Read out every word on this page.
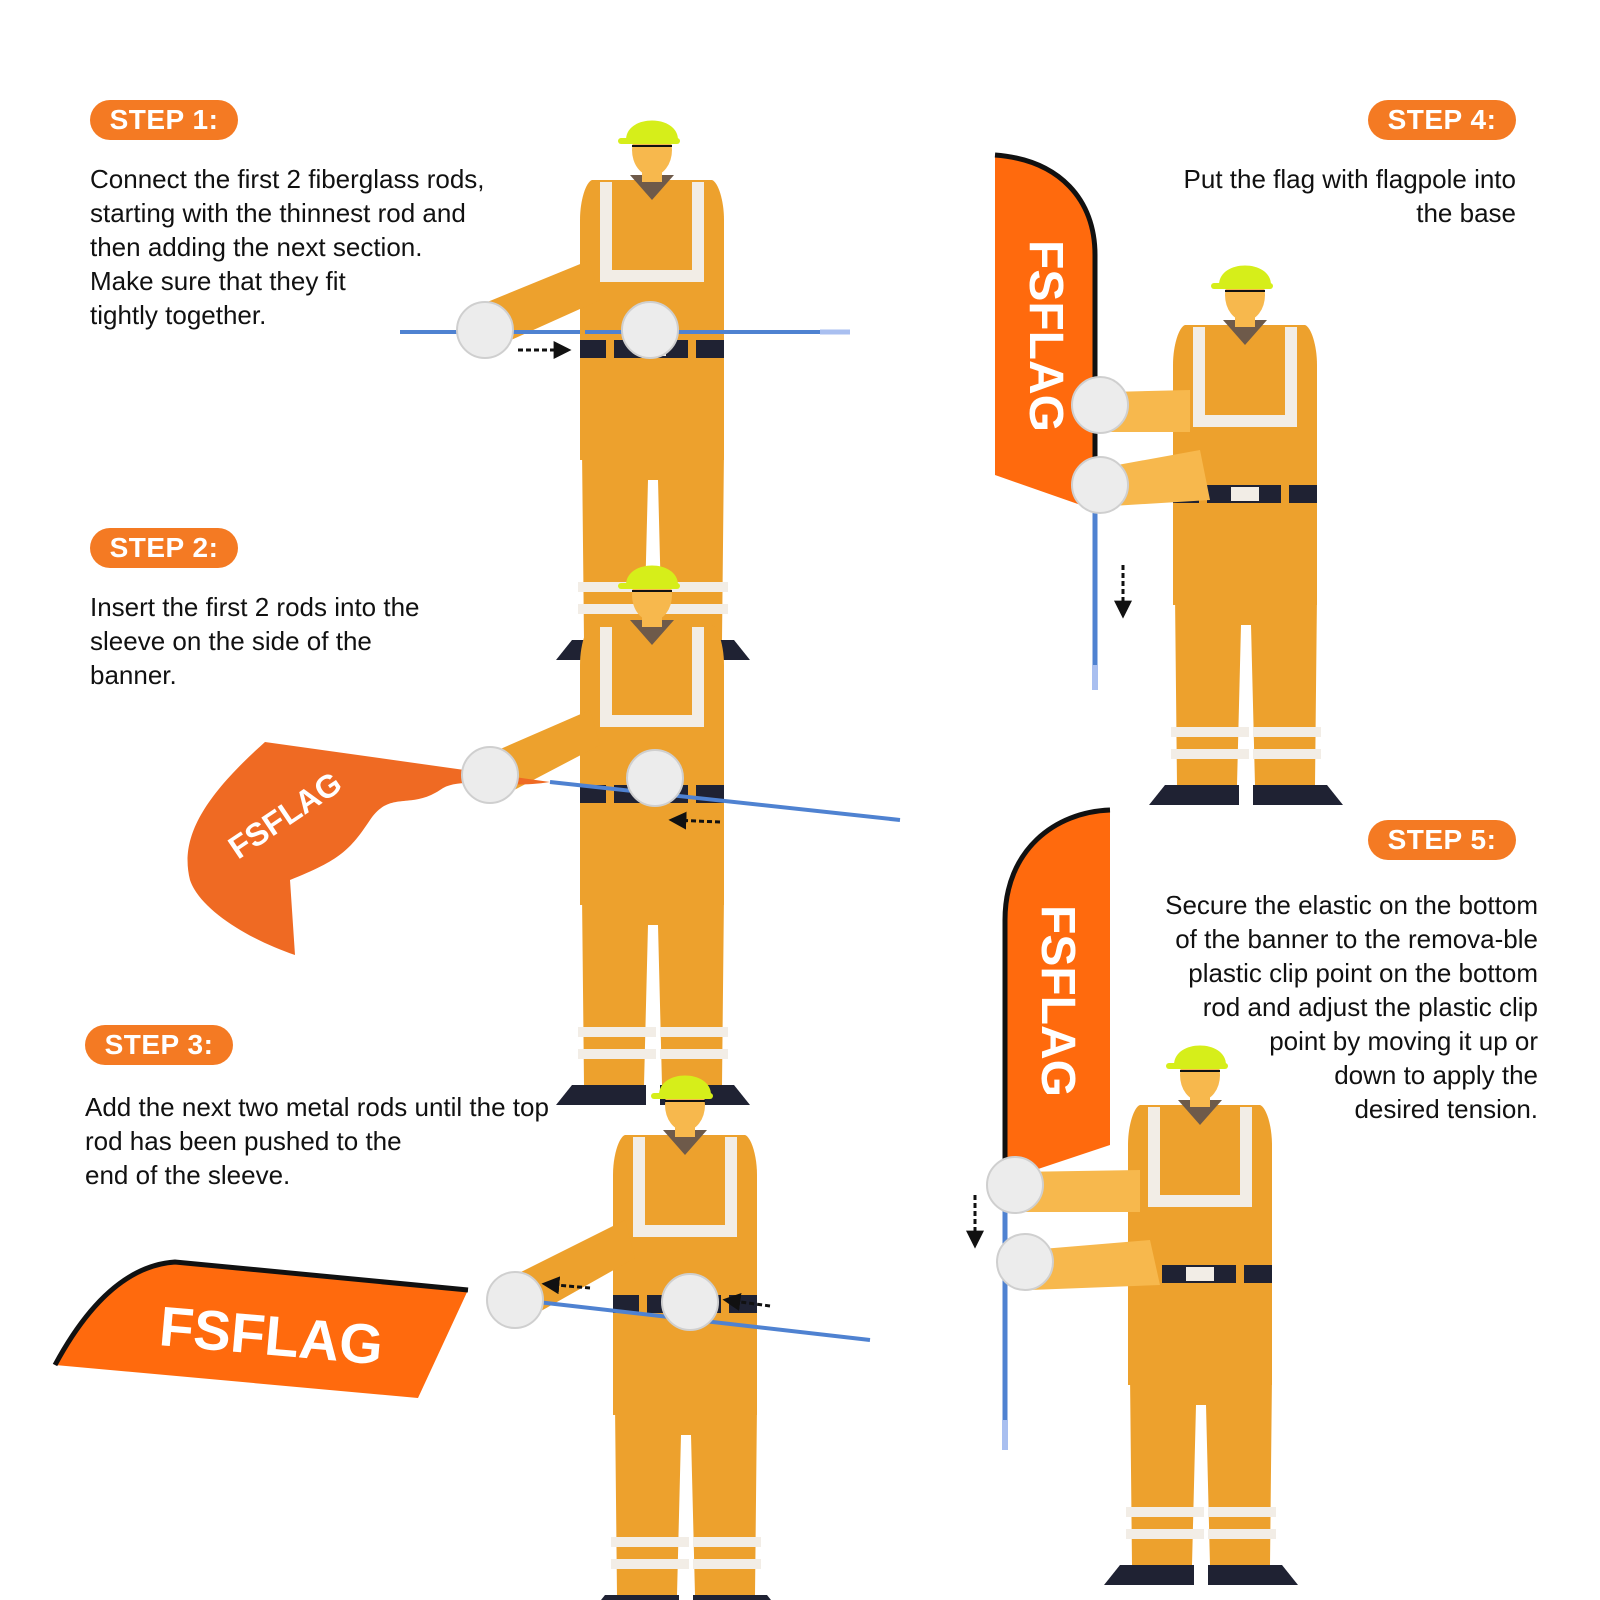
FSFLAG
FSFLAG
FSFLAG
FSFLAG
STEP 1:

Connect the first 2 fiberglass rods,
starting with the thinnest rod and
then adding the next section.
Make sure that they fit
tightly together.

STEP 2:

Insert the first 2 rods into the
sleeve on the side of the
banner.

STEP 3:

Add the next two metal rods until the top
rod has been pushed to the
end of the sleeve.

STEP 4:

Put the flag with flagpole into
the base

STEP 5:

Secure the elastic on the bottom
of the banner to the remova-ble
plastic clip point on the bottom
rod and adjust the plastic clip
point by moving it up or
down to apply the
desired tension.
